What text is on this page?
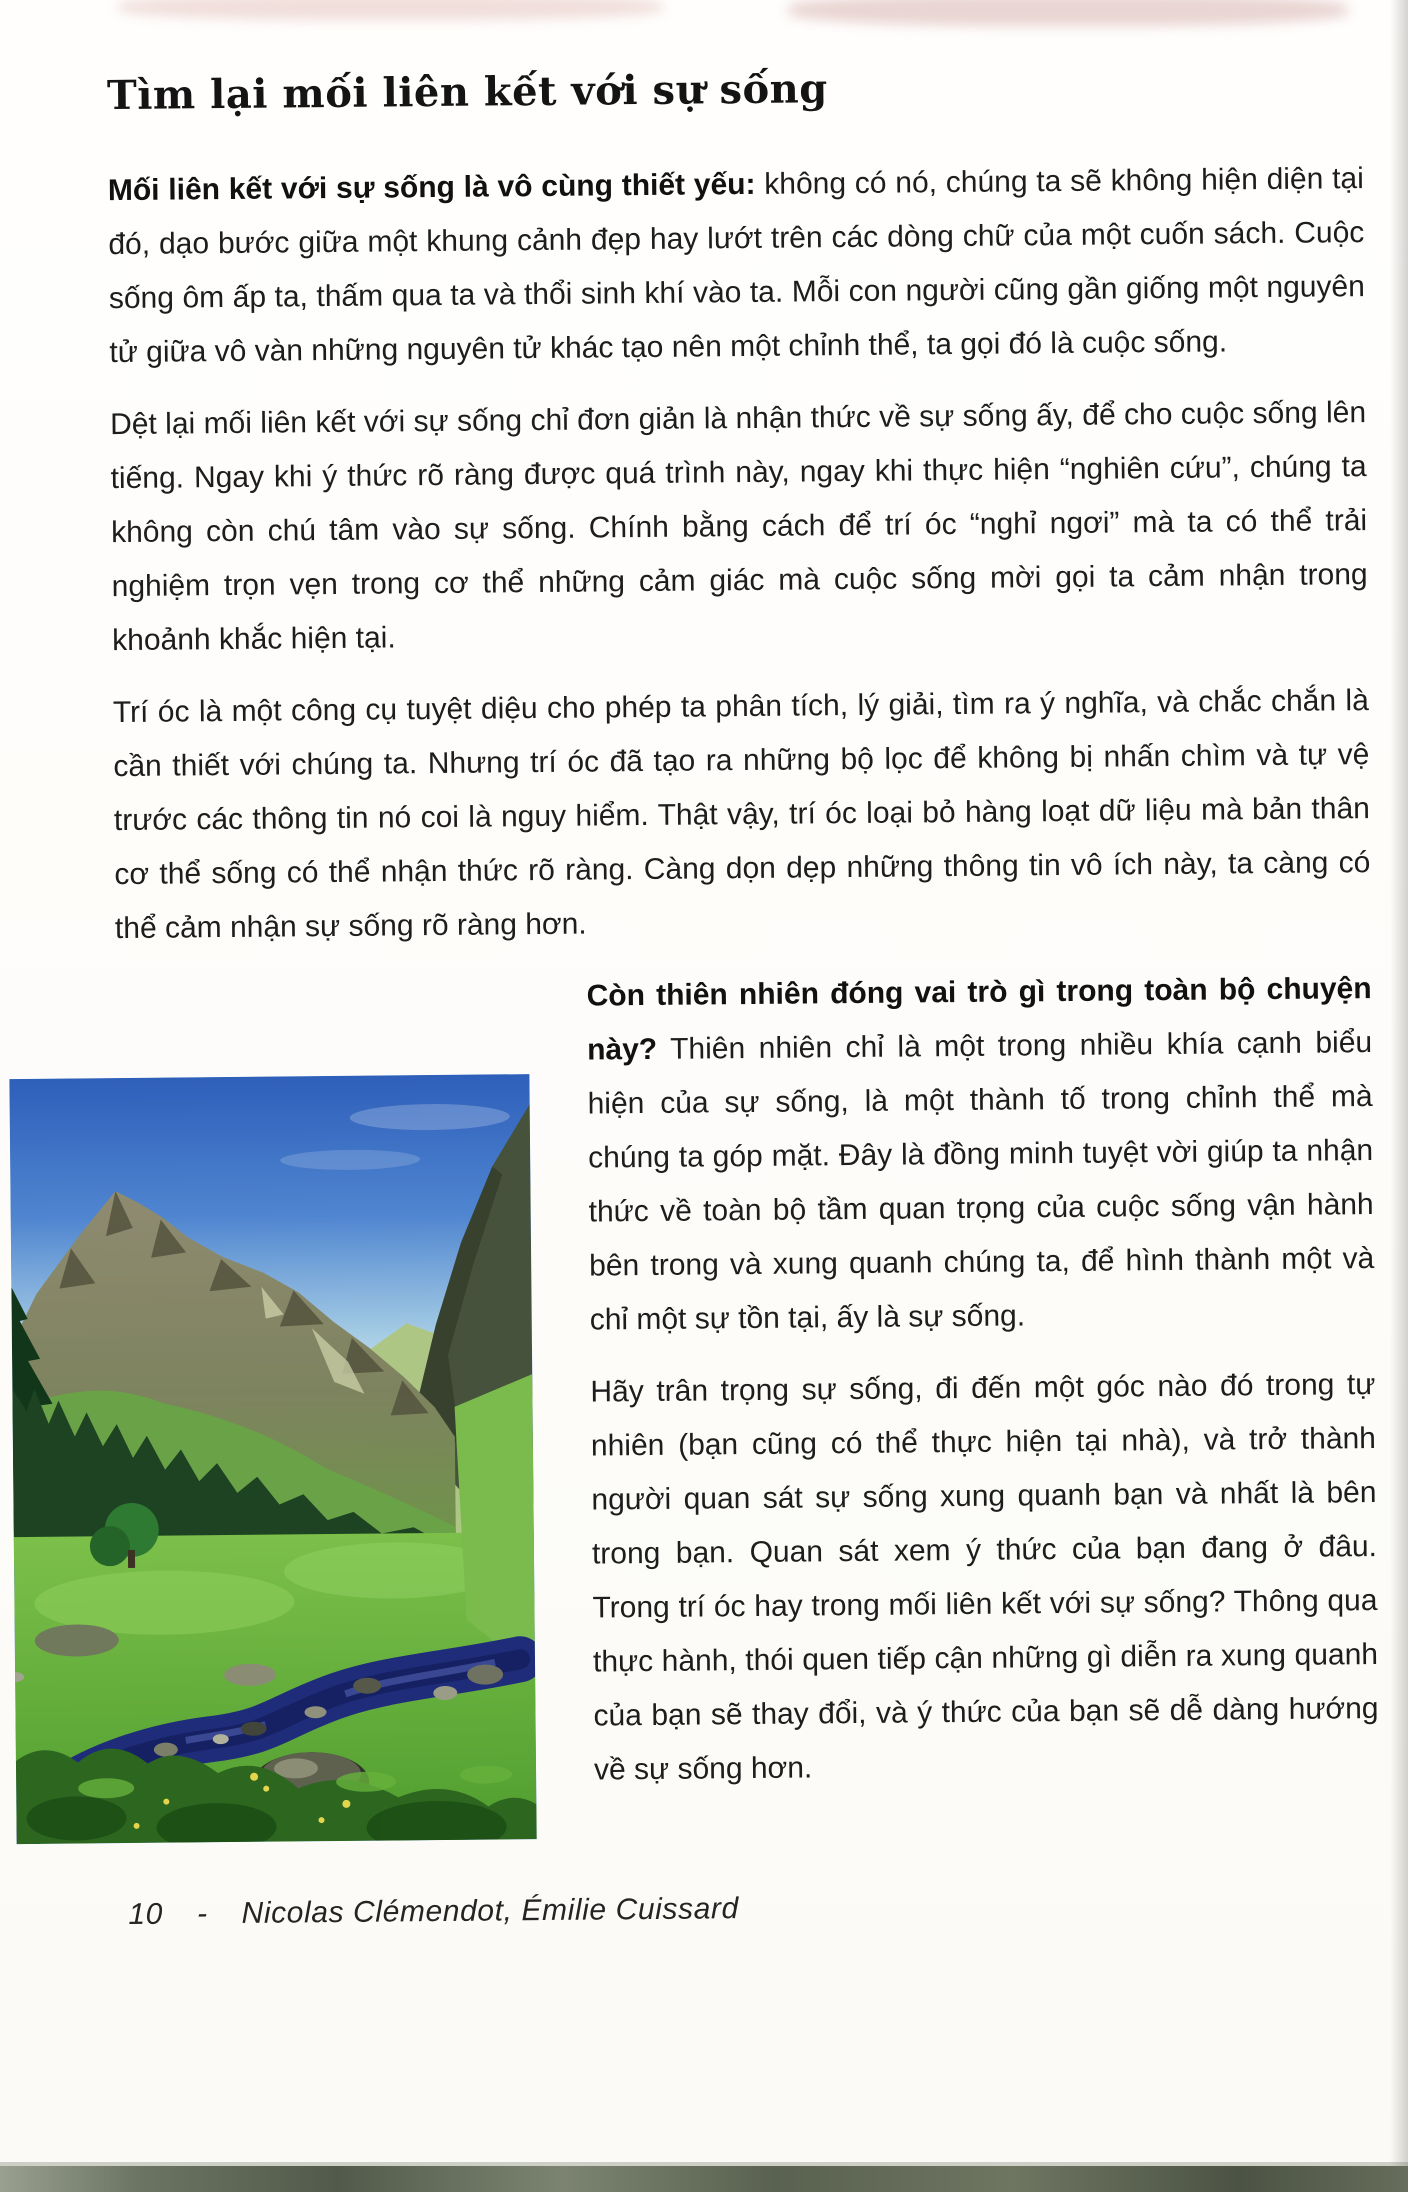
Tìm lại mối liên kết với sự sống

Mối liên kết với sự sống là vô cùng thiết yếu: không có nó, chúng ta sẽ không hiện diện tại đó, dạo bước giữa một khung cảnh đẹp hay lướt trên các dòng chữ của một cuốn sách. Cuộc sống ôm ấp ta, thấm qua ta và thổi sinh khí vào ta. Mỗi con người cũng gần giống một nguyên tử giữa vô vàn những nguyên tử khác tạo nên một chỉnh thể, ta gọi đó là cuộc sống.

Dệt lại mối liên kết với sự sống chỉ đơn giản là nhận thức về sự sống ấy, để cho cuộc sống lên tiếng. Ngay khi ý thức rõ ràng được quá trình này, ngay khi thực hiện “nghiên cứu”, chúng ta không còn chú tâm vào sự sống. Chính bằng cách để trí óc “nghỉ ngơi” mà ta có thể trải nghiệm trọn vẹn trong cơ thể những cảm giác mà cuộc sống mời gọi ta cảm nhận trong khoảnh khắc hiện tại.

Trí óc là một công cụ tuyệt diệu cho phép ta phân tích, lý giải, tìm ra ý nghĩa, và chắc chắn là cần thiết với chúng ta. Nhưng trí óc đã tạo ra những bộ lọc để không bị nhấn chìm và tự vệ trước các thông tin nó coi là nguy hiểm. Thật vậy, trí óc loại bỏ hàng loạt dữ liệu mà bản thân cơ thể sống có thể nhận thức rõ ràng. Càng dọn dẹp những thông tin vô ích này, ta càng có thể cảm nhận sự sống rõ ràng hơn.

Còn thiên nhiên đóng vai trò gì trong toàn bộ chuyện này? Thiên nhiên chỉ là một trong nhiều khía cạnh biểu hiện của sự sống, là một thành tố trong chỉnh thể mà chúng ta góp mặt. Đây là đồng minh tuyệt vời giúp ta nhận thức về toàn bộ tầm quan trọng của cuộc sống vận hành bên trong và xung quanh chúng ta, để hình thành một và chỉ một sự tồn tại, ấy là sự sống.

Hãy trân trọng sự sống, đi đến một góc nào đó trong tự nhiên (bạn cũng có thể thực hiện tại nhà), và trở thành người quan sát sự sống xung quanh bạn và nhất là bên trong bạn. Quan sát xem ý thức của bạn đang ở đâu. Trong trí óc hay trong mối liên kết với sự sống? Thông qua thực hành, thói quen tiếp cận những gì diễn ra xung quanh của bạn sẽ thay đổi, và ý thức của bạn sẽ dễ dàng hướng về sự sống hơn.

10 - Nicolas Clémendot, Émilie Cuissard
